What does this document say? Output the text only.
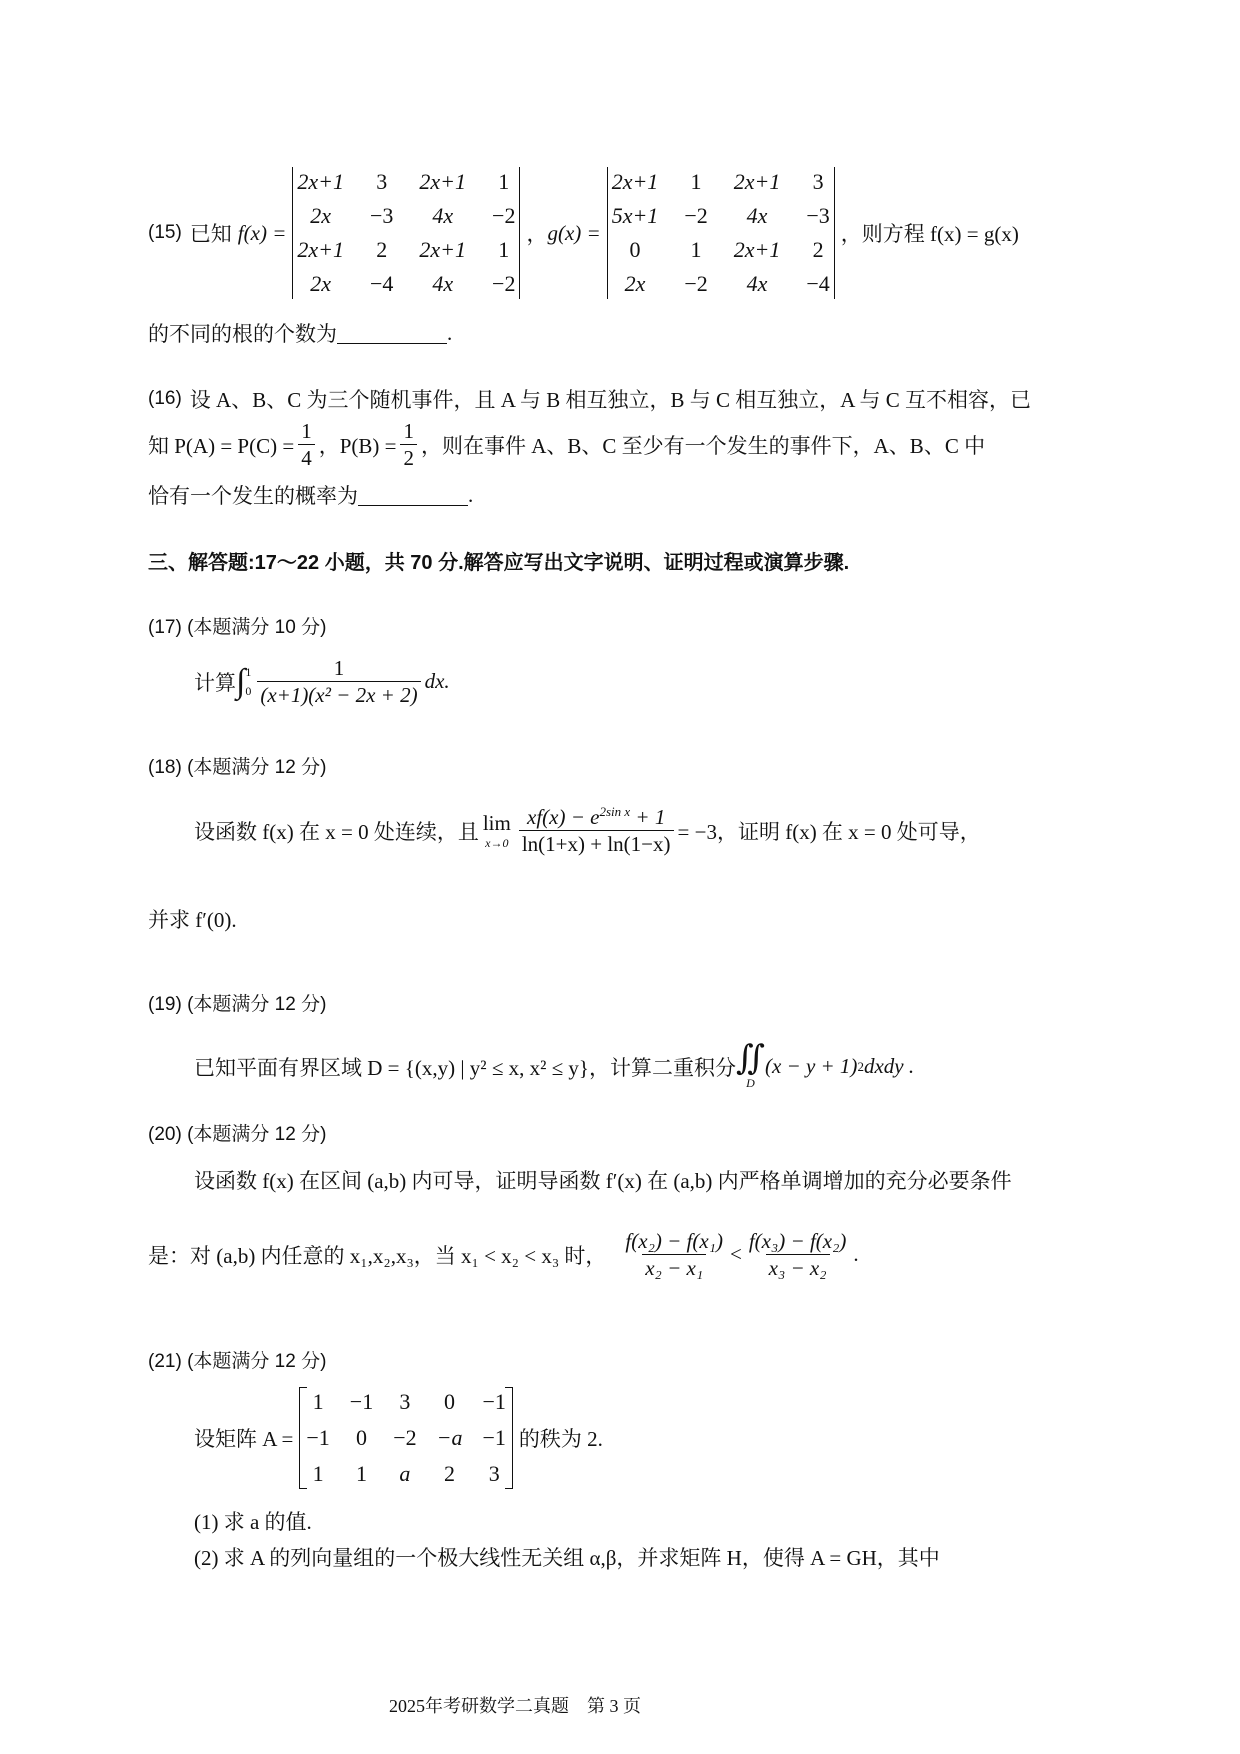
(15) 已知 f(x) =
2x+1 3 2x+1 1
2x	−3	4x	−2
2x+1 2 2x+1 1
2x	−4	4x	−2
， g(x) =
2x+1 1 2x+1 3
5x+1 −2	4x	−3
0	1 2x+1 2
2x	−2	4x	−4
，则方程 f(x) = g(x)
的不同的根的个数为	.
(16) 设 A、B、C 为三个随机事件，且 A 与 B 相互独立，B 与 C 相互独立，A 与 C 互不相容，已
知 $P(A) = P(C) = \frac{1}{4}$ ，$P(B) = \frac{1}{2}$ ，则在事件 A、B、C 至少有一个发生的事件下，A、B、C 中
恰有一个发生的概率为	.
三、解答题:17～22 小题，共 70 分.解答应写出文字说明、证明过程或演算步骤.
(17) (本题满分 10 分)
计算 ∫ 1
$0 \frac{1}{\text{(x+1)(x² − 2x + 2)}}$ dx.
(18) (本题满分 12 分)
设函数 f(x) 在 x = 0 处连续，且 lim
$x\to 0 \frac{xf(x) - e^{2sin x} + 1}{\ln(1+x) + \ln(1-x)} = -3$，证明 f(x) 在 x = 0 处可导，
并求 f′(0).
(19) (本题满分 12 分)
已知平面有界区域 D = {(x,y) | y² ≤ x, x² ≤ y}，计算二重积分 ∬
D
(x − y + 1) 2 dxdy .
(20) (本题满分 12 分)
设函数 f(x) 在区间 (a,b) 内可导，证明导函数 f′(x) 在 (a,b) 内严格单调增加的充分必要条件
是：对 (a,b) 内任意的 x₁,x₂,x₃，当 x₁ < x₂ < x₃ 时， $\frac{\text{f(x₂) − f(x₁)}}{\text{x₂ − x₁}} < \frac{\text{f(x₃) − f(x₂)}}{\text{x₃ − x₂}}$ .
(21) (本题满分 12 分)
设矩阵 A =
1 −1 3	0	−1
−1 0 −2 −a −1
1 1 a	2	3
的秩为 2.
(1) 求 a 的值.
(2) 求 A 的列向量组的一个极大线性无关组 α,β，并求矩阵 H，使得 A = GH，其中
2025年考研数学二真题　第 3 页
